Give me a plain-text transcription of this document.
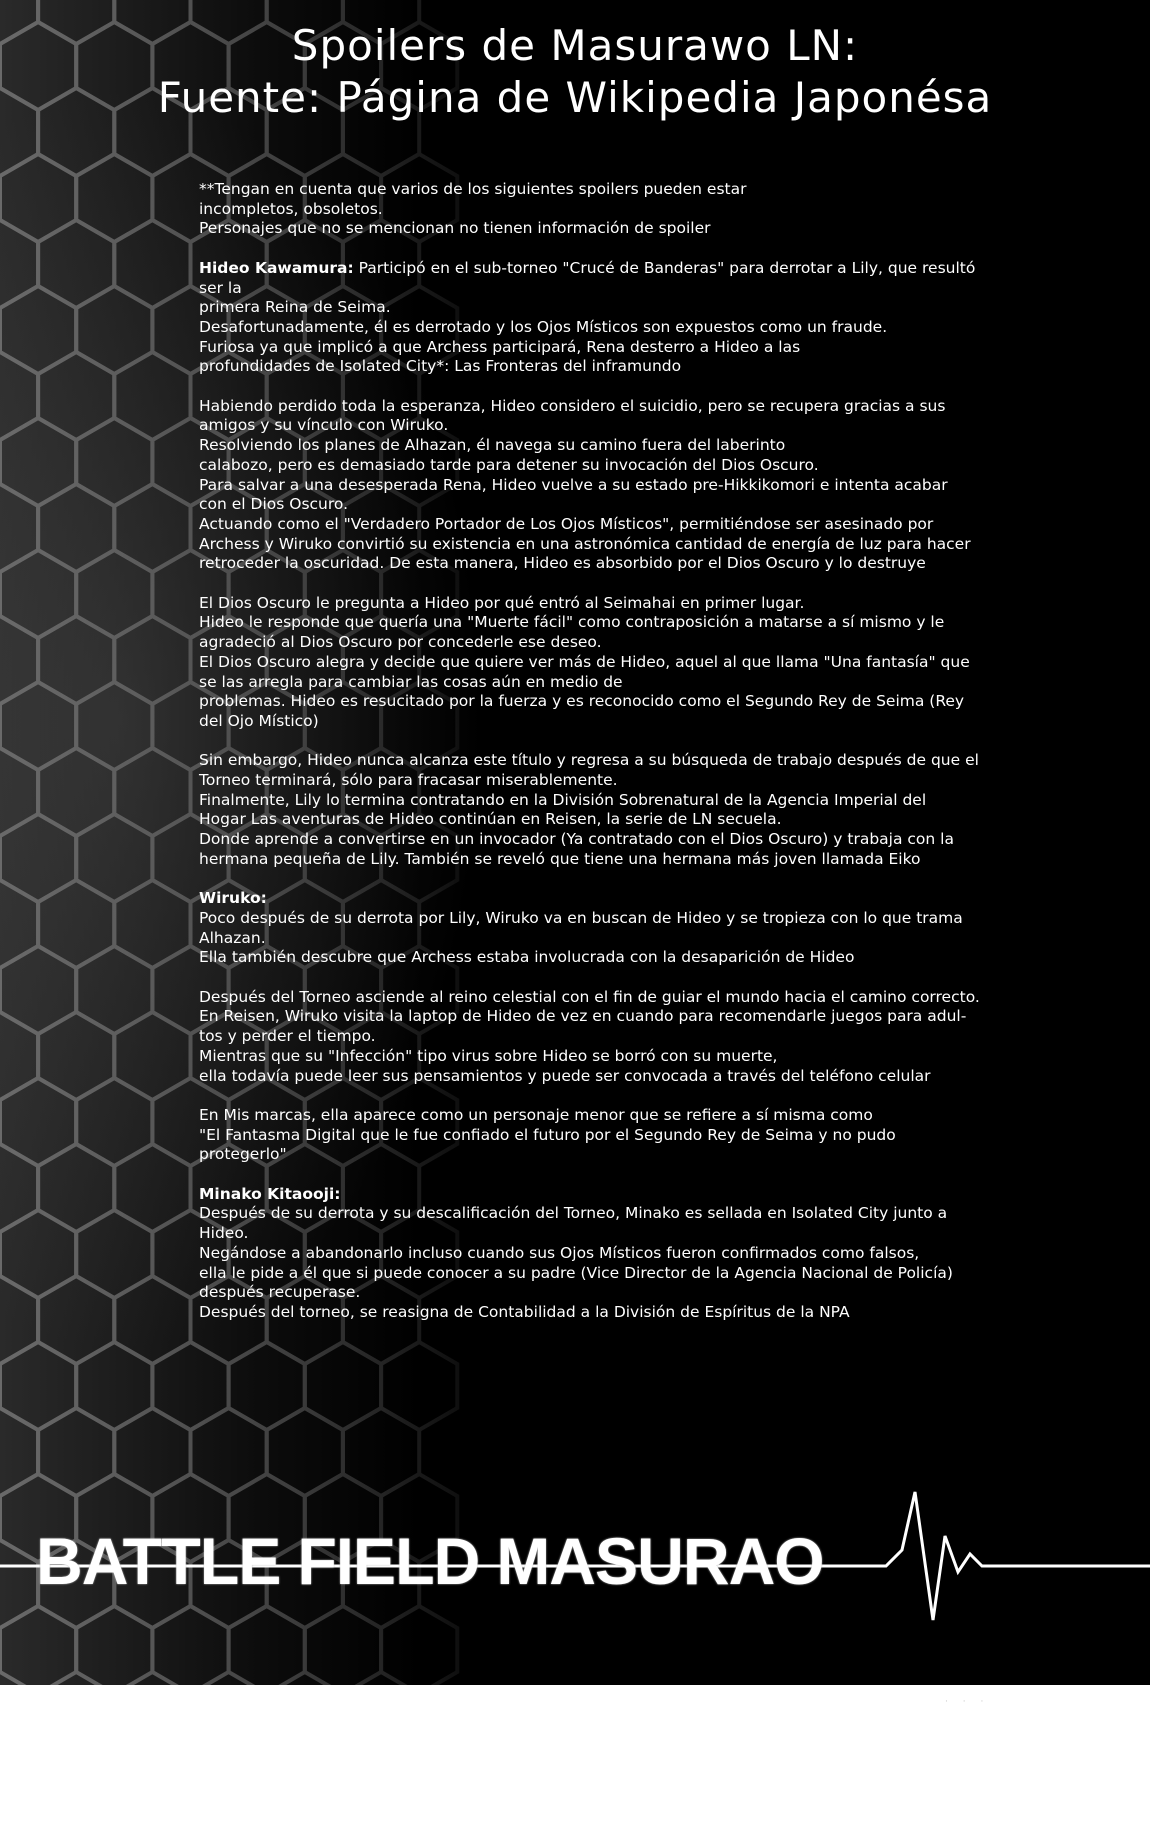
Spoilers de Masurawo LN:
Fuente: Página de Wikipedia Japonésa
**Tengan en cuenta que varios de los siguientes spoilers pueden estar
incompletos, obsoletos.
Personajes que no se mencionan no tienen información de spoiler
Hideo Kawamura: Participó en el sub-torneo "Crucé de Banderas" para derrotar a Lily, que resultó
ser la
primera Reina de Seima.
Desafortunadamente, él es derrotado y los Ojos Místicos son expuestos como un fraude.
Furiosa ya que implicó a que Archess participará, Rena desterro a Hideo a las
profundidades de Isolated City*: Las Fronteras del inframundo
Habiendo perdido toda la esperanza, Hideo considero el suicidio, pero se recupera gracias a sus
amigos y su vínculo con Wiruko.
Resolviendo los planes de Alhazan, él navega su camino fuera del laberinto
calabozo, pero es demasiado tarde para detener su invocación del Dios Oscuro.
Para salvar a una desesperada Rena, Hideo vuelve a su estado pre-Hikkikomori e intenta acabar
con el Dios Oscuro.
Actuando como el "Verdadero Portador de Los Ojos Místicos", permitiéndose ser asesinado por
Archess y Wiruko convirtió su existencia en una astronómica cantidad de energía de luz para hacer
retroceder la oscuridad. De esta manera, Hideo es absorbido por el Dios Oscuro y lo destruye
El Dios Oscuro le pregunta a Hideo por qué entró al Seimahai en primer lugar.
Hideo le responde que quería una "Muerte fácil" como contraposición a matarse a sí mismo y le
agradeció al Dios Oscuro por concederle ese deseo.
El Dios Oscuro alegra y decide que quiere ver más de Hideo, aquel al que llama "Una fantasía" que
se las arregla para cambiar las cosas aún en medio de
problemas. Hideo es resucitado por la fuerza y es reconocido como el Segundo Rey de Seima (Rey
del Ojo Místico)
Sin embargo, Hideo nunca alcanza este título y regresa a su búsqueda de trabajo después de que el
Torneo terminará, sólo para fracasar miserablemente.
Finalmente, Lily lo termina contratando en la División Sobrenatural de la Agencia Imperial del
Hogar Las aventuras de Hideo continúan en Reisen, la serie de LN secuela.
Donde aprende a convertirse en un invocador (Ya contratado con el Dios Oscuro) y trabaja con la
hermana pequeña de Lily. También se reveló que tiene una hermana más joven llamada Eiko
Wiruko:
Poco después de su derrota por Lily, Wiruko va en buscan de Hideo y se tropieza con lo que trama
Alhazan.
Ella también descubre que Archess estaba involucrada con la desaparición de Hideo
Después del Torneo asciende al reino celestial con el fin de guiar el mundo hacia el camino correcto.
En Reisen, Wiruko visita la laptop de Hideo de vez en cuando para recomendarle juegos para adul-
tos y perder el tiempo.
Mientras que su "Infección" tipo virus sobre Hideo se borró con su muerte,
ella todavía puede leer sus pensamientos y puede ser convocada a través del teléfono celular
En Mis marcas, ella aparece como un personaje menor que se refiere a sí misma como
"El Fantasma Digital que le fue confiado el futuro por el Segundo Rey de Seima y no pudo
protegerlo"
Minako Kitaooji:
Después de su derrota y su descalificación del Torneo, Minako es sellada en Isolated City junto a
Hideo.
Negándose a abandonarlo incluso cuando sus Ojos Místicos fueron confirmados como falsos,
ella le pide a él que si puede conocer a su padre (Vice Director de la Agencia Nacional de Policía)
después recuperase.
Después del torneo, se reasigna de Contabilidad a la División de Espíritus de la NPA
BATTLE FIELD MASURAO
· · ·
